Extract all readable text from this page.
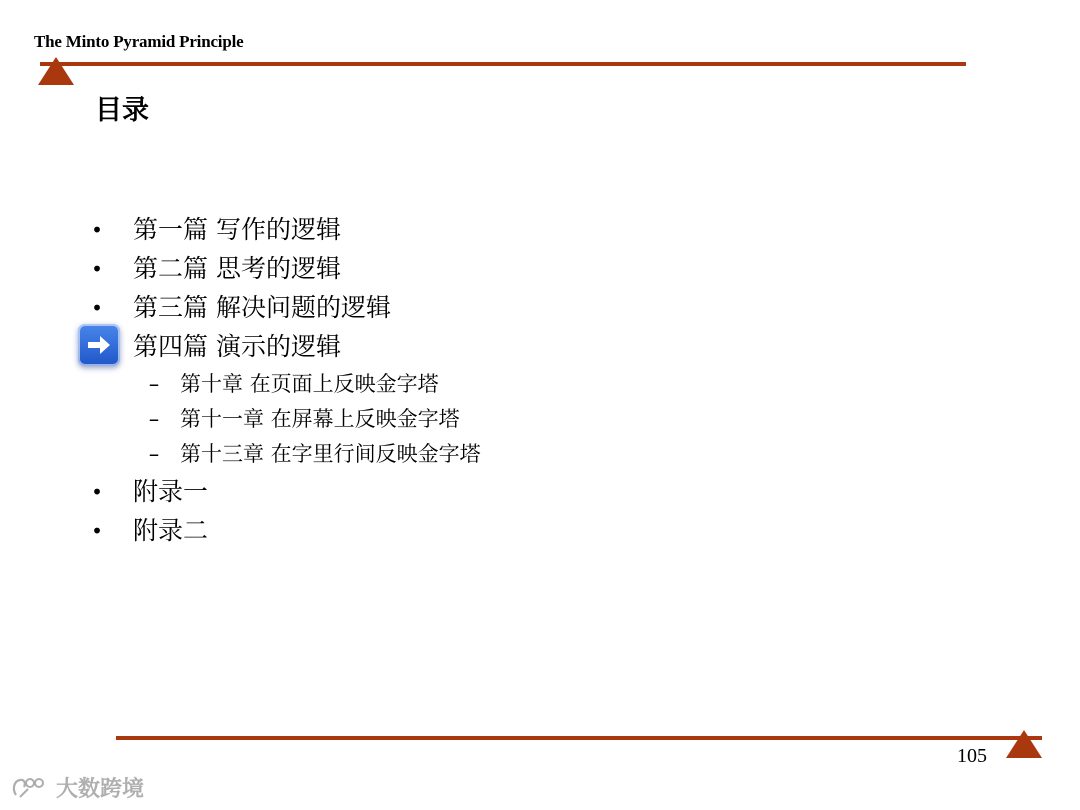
The Minto Pyramid Principle
目录
• 第一篇 写作的逻辑
• 第二篇 思考的逻辑
• 第三篇 解决问题的逻辑
第四篇 演示的逻辑
– 第十章 在页面上反映金字塔
– 第十一章 在屏幕上反映金字塔
– 第十三章 在字里行间反映金字塔
• 附录一
• 附录二
105
大数跨境
